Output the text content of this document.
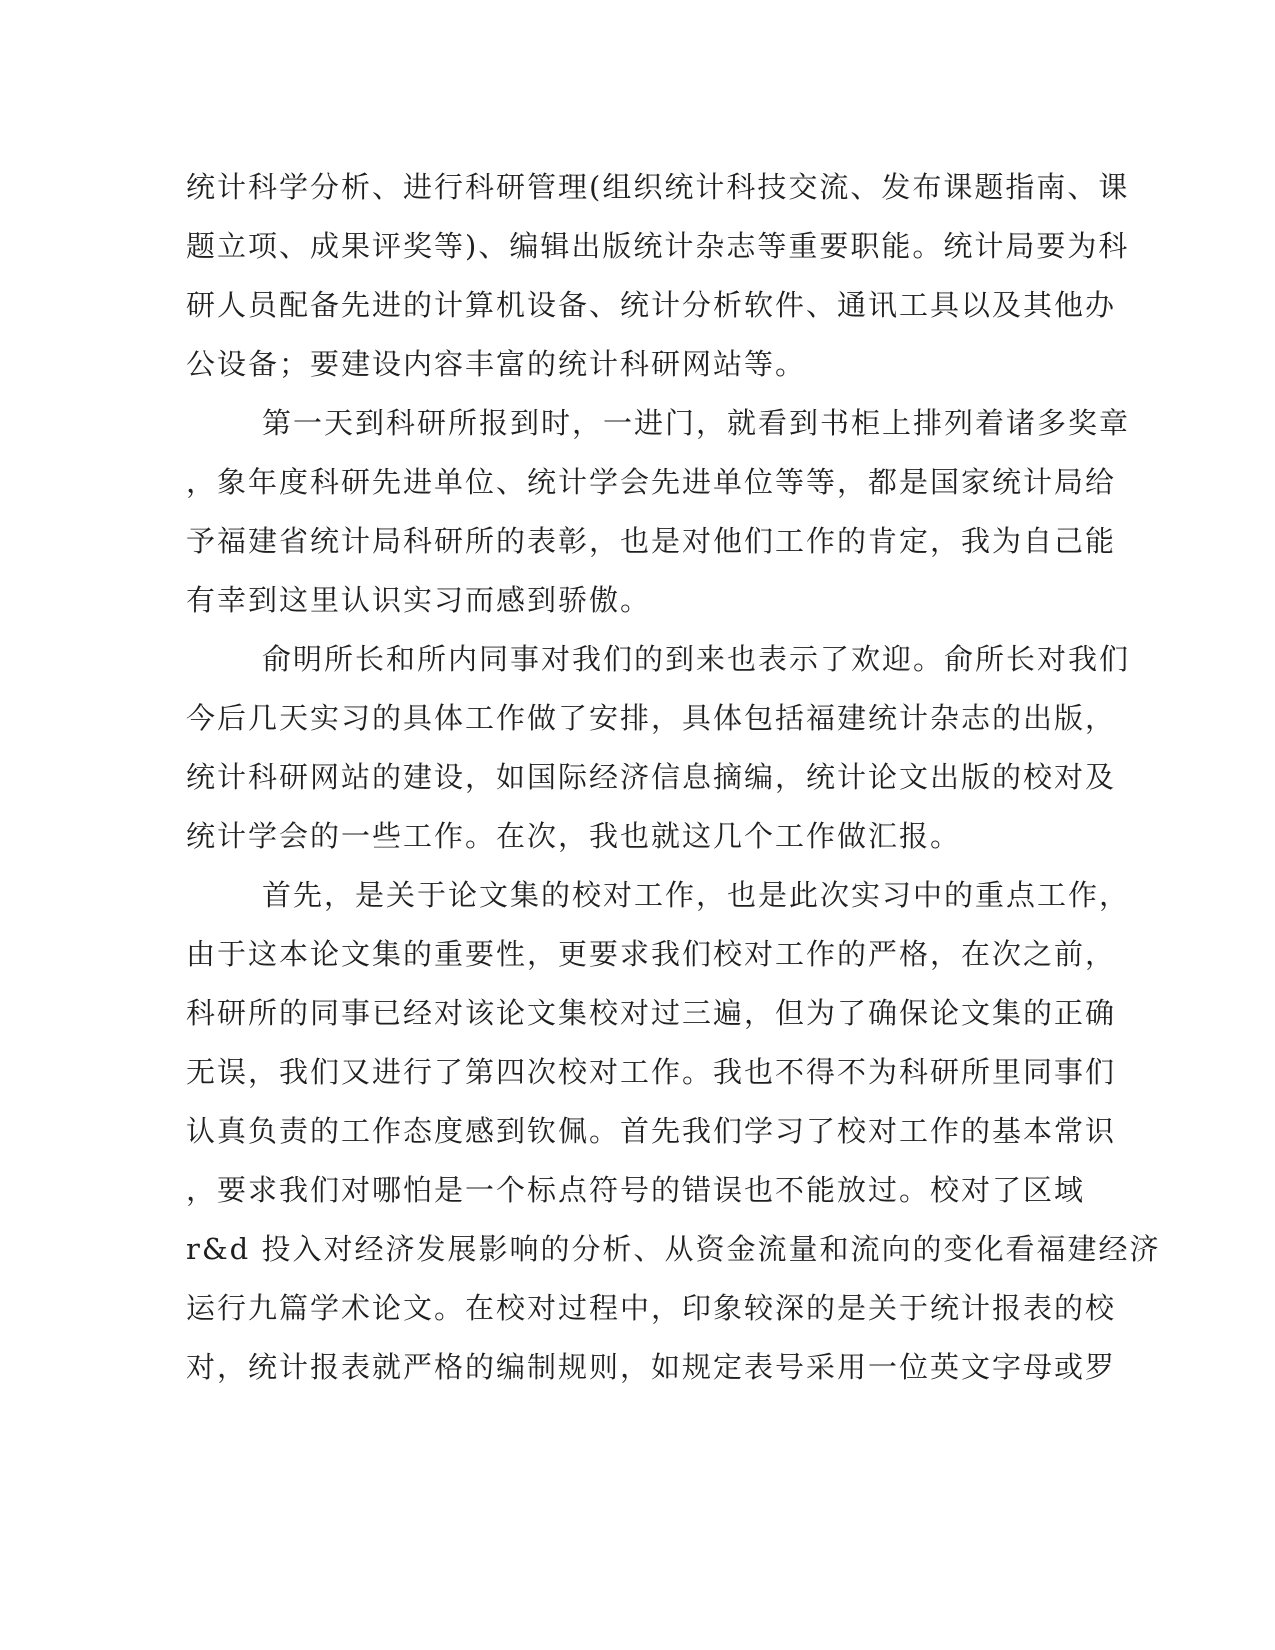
统计科学分析、进行科研管理(组织统计科技交流、发布课题指南、课
题立项、成果评奖等)、编辑出版统计杂志等重要职能。统计局要为科
研人员配备先进的计算机设备、统计分析软件、通讯工具以及其他办
公设备；要建设内容丰富的统计科研网站等。
第一天到科研所报到时，一进门，就看到书柜上排列着诸多奖章
，象年度科研先进单位、统计学会先进单位等等，都是国家统计局给
予福建省统计局科研所的表彰，也是对他们工作的肯定，我为自己能
有幸到这里认识实习而感到骄傲。
俞明所长和所内同事对我们的到来也表示了欢迎。俞所长对我们
今后几天实习的具体工作做了安排，具体包括福建统计杂志的出版，
统计科研网站的建设，如国际经济信息摘编，统计论文出版的校对及
统计学会的一些工作。在次，我也就这几个工作做汇报。
首先，是关于论文集的校对工作，也是此次实习中的重点工作，
由于这本论文集的重要性，更要求我们校对工作的严格，在次之前，
科研所的同事已经对该论文集校对过三遍，但为了确保论文集的正确
无误，我们又进行了第四次校对工作。我也不得不为科研所里同事们
认真负责的工作态度感到钦佩。首先我们学习了校对工作的基本常识
，要求我们对哪怕是一个标点符号的错误也不能放过。校对了区域
r&d 投入对经济发展影响的分析、从资金流量和流向的变化看福建经济
运行九篇学术论文。在校对过程中，印象较深的是关于统计报表的校
对，统计报表就严格的编制规则，如规定表号采用一位英文字母或罗
